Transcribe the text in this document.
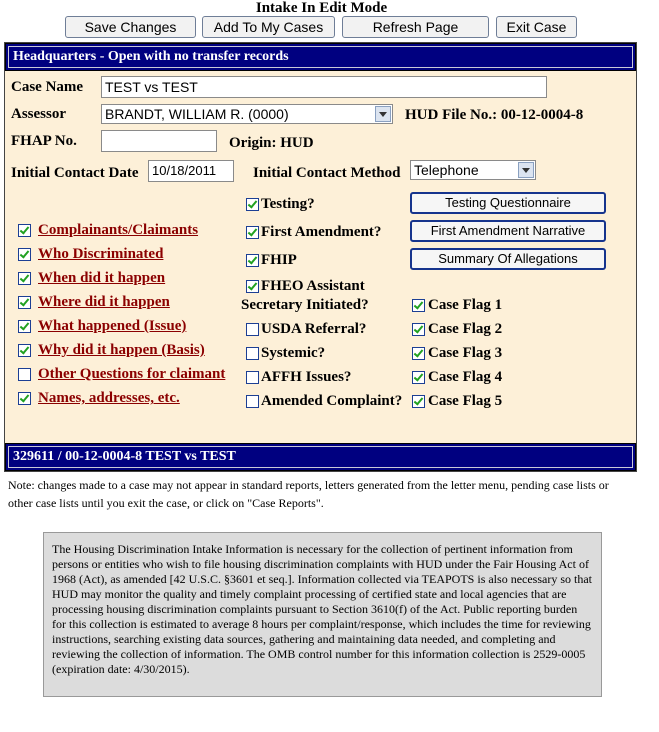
Intake In Edit Mode
Save Changes	Add To My Cases	Refresh Page	Exit Case
Headquarters - Open with no transfer records
Case Name TEST vs TEST
Assessor	BRANDT, WILLIAM R. (0000)	HUD File No.: 00-12-0004-8
FHAP No.	Origin: HUD
Initial Contact Date	10/18/2011	Initial Contact Method Telephone
Complainants/Claimants
Who Discriminated
When did it happen
Where did it happen
What happened (Issue)
Why did it happen (Basis)
Other Questions for claimant
Names, addresses, etc.
Testing?
First Amendment?
FHIP
FHEO Assistant
Secretary Initiated?
USDA Referral?
Systemic?
AFFH Issues?
Amended Complaint?
Testing Questionnaire
First Amendment Narrative
Summary Of Allegations
Case Flag 1
Case Flag 2
Case Flag 3
Case Flag 4
Case Flag 5
329611 / 00-12-0004-8 TEST vs TEST
Note: changes made to a case may not appear in standard reports, letters generated from the letter menu, pending case lists or other case lists until you exit the case, or click on "Case Reports".
The Housing Discrimination Intake Information is necessary for the collection of pertinent information from persons or entities who wish to file housing discrimination complaints with HUD under the Fair Housing Act of 1968 (Act), as amended [42 U.S.C. §3601 et seq.]. Information collected via TEAPOTS is also necessary so that HUD may monitor the quality and timely complaint processing of certified state and local agencies that are processing housing discrimination complaints pursuant to Section 3610(f) of the Act. Public reporting burden for this collection is estimated to average 8 hours per complaint/response, which includes the time for reviewing instructions, searching existing data sources, gathering and maintaining data needed, and completing and reviewing the collection of information. The OMB control number for this information collection is 2529-0005 (expiration date: 4/30/2015).
